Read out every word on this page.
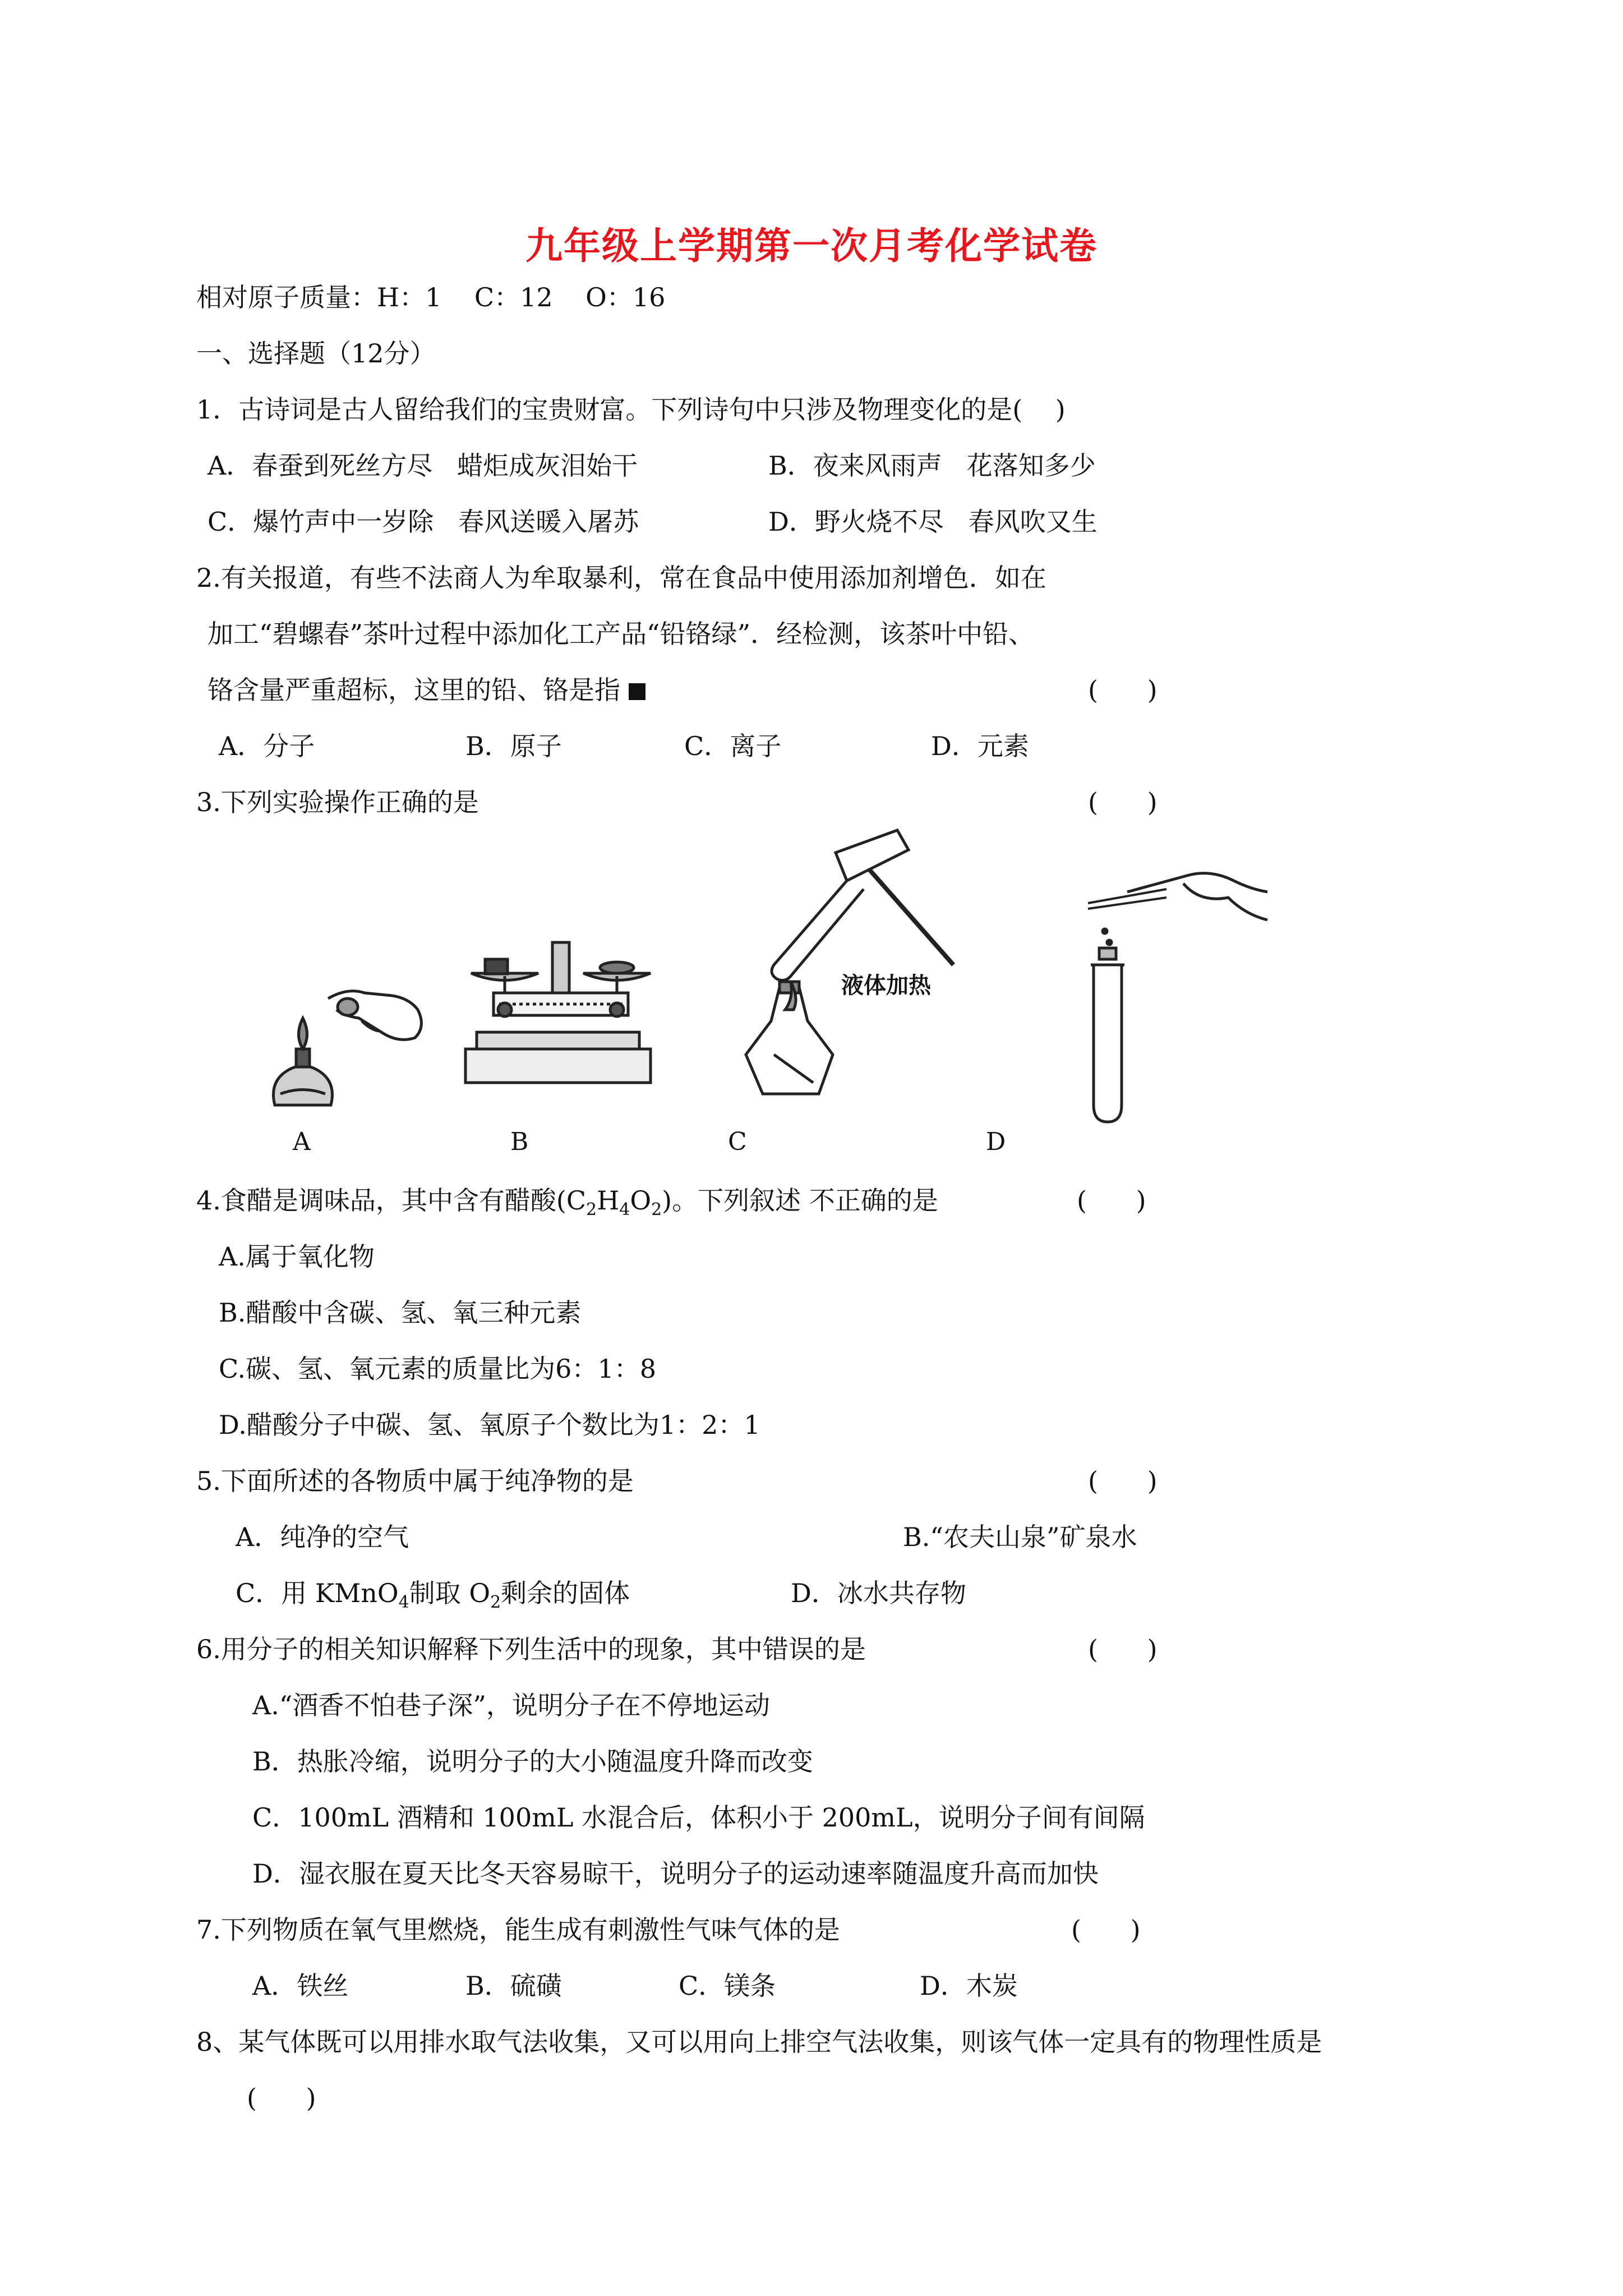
九年级上学期第一次月考化学试卷
相对原子质量：H：1    C：12    O：16
一、选择题（12分）
1．古诗词是古人留给我们的宝贵财富。下列诗句中只涉及物理变化的是(    )
A．春蚕到死丝方尽   蜡炬成灰泪始干	B．夜来风雨声   花落知多少
C．爆竹声中一岁除   春风送暖入屠苏	D．野火烧不尽   春风吹又生
2.有关报道，有些不法商人为牟取暴利，常在食品中使用添加剂增色．如在
加工“碧螺春”茶叶过程中添加化工产品“铅铬绿”．经检测，该茶叶中铅、
铬含量严重超标，这里的铅、铬是指	(      )
A．分子	B．原子	C．离子	D．元素
3.下列实验操作正确的是	(      )
液体加热
A	B	C	D
4.食醋是调味品，其中含有醋酸$(C_2H_4O_2)$。下列叙述 不正确的是	(      )
A.属于氧化物
B.醋酸中含碳、氢、氧三种元素
C.碳、氢、氧元素的质量比为6：1：8
D.醋酸分子中碳、氢、氧原子个数比为1：2：1
5.下面所述的各物质中属于纯净物的是	(      )
A．纯净的空气	B.“农夫山泉”矿泉水
C．用 KMnO$_4$制取 $O_2$剩余的固体	D．冰水共存物
6.用分子的相关知识解释下列生活中的现象，其中错误的是	(      )
A.“酒香不怕巷子深”，说明分子在不停地运动
B．热胀冷缩，说明分子的大小随温度升降而改变
C．100mL 酒精和 100mL 水混合后，体积小于 200mL，说明分子间有间隔
D．湿衣服在夏天比冬天容易晾干，说明分子的运动速率随温度升高而加快
7.下列物质在氧气里燃烧，能生成有刺激性气味气体的是	(      )
A．铁丝	B．硫磺	C．镁条	D．木炭
8、某气体既可以用排水取气法收集，又可以用向上排空气法收集，则该气体一定具有的物理性质是
(      )
